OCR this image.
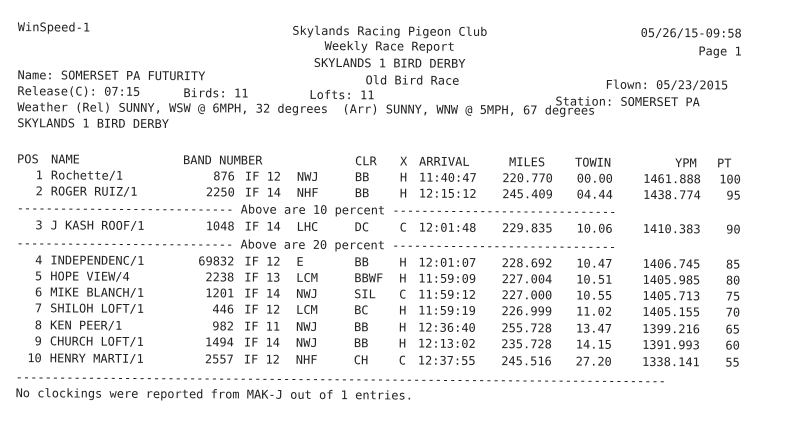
WinSpeed-1	Skylands Racing Pigeon Club	05/26/15-09:58
Weekly Race Report	Page 1
SKYLANDS 1 BIRD DERBY
Name: SOMERSET PA FUTURITY	Old Bird Race	Flown: 05/23/2015
Release(C): 07:15	Birds: 11	Lofts: 11	Station: SOMERSET PA
Weather (Rel) SUNNY, WSW @ 6MPH, 32 degrees  (Arr) SUNNY, WNW @ 5MPH, 67 degrees
SKYLANDS 1 BIRD DERBY
POS NAME	BAND NUMBER	CLR X ARRIVAL	MILES TOWIN	YPM PT
1 Rochette/1	876 IF 12 NWJ	BB	H 11:40:47	220.770	00.00	1461.888	100
2 ROGER RUIZ/1	2250 IF 14 NHF	BB	H 12:15:12	245.409	04.44	1438.774	95
------------------------------ Above are 10 percent -------------------------------
3 J KASH ROOF/1	1048 IF 14 LHC	DC	C 12:01:48	229.835	10.06	1410.383	90
------------------------------ Above are 20 percent -------------------------------
4 INDEPENDENC/1	69832 IF 12 E	BB	H 12:01:07	228.692	10.47	1406.745	85
5 HOPE VIEW/4	2238 IF 13 LCM	BBWF H 11:59:09	227.004	10.51	1405.985	80
6 MIKE BLANCH/1	1201 IF 14 NWJ	SIL C 11:59:12	227.000	10.55	1405.713	75
7 SHILOH LOFT/1	446 IF 12 LCM	BC	H 11:59:19	226.999	11.02	1405.155	70
8 KEN PEER/1	982 IF 11 NWJ	BB	H 12:36:40	255.728	13.47	1399.216	65
9 CHURCH LOFT/1	1494 IF 14 NWJ	BB	H 12:13:02	235.728	14.15	1391.993	60
10 HENRY MARTI/1	2557 IF 12 NHF	CH	C 12:37:55	245.516	27.20	1338.141	55
------------------------------------------------------------------------------------------
No clockings were reported from MAK-J out of 1 entries.
